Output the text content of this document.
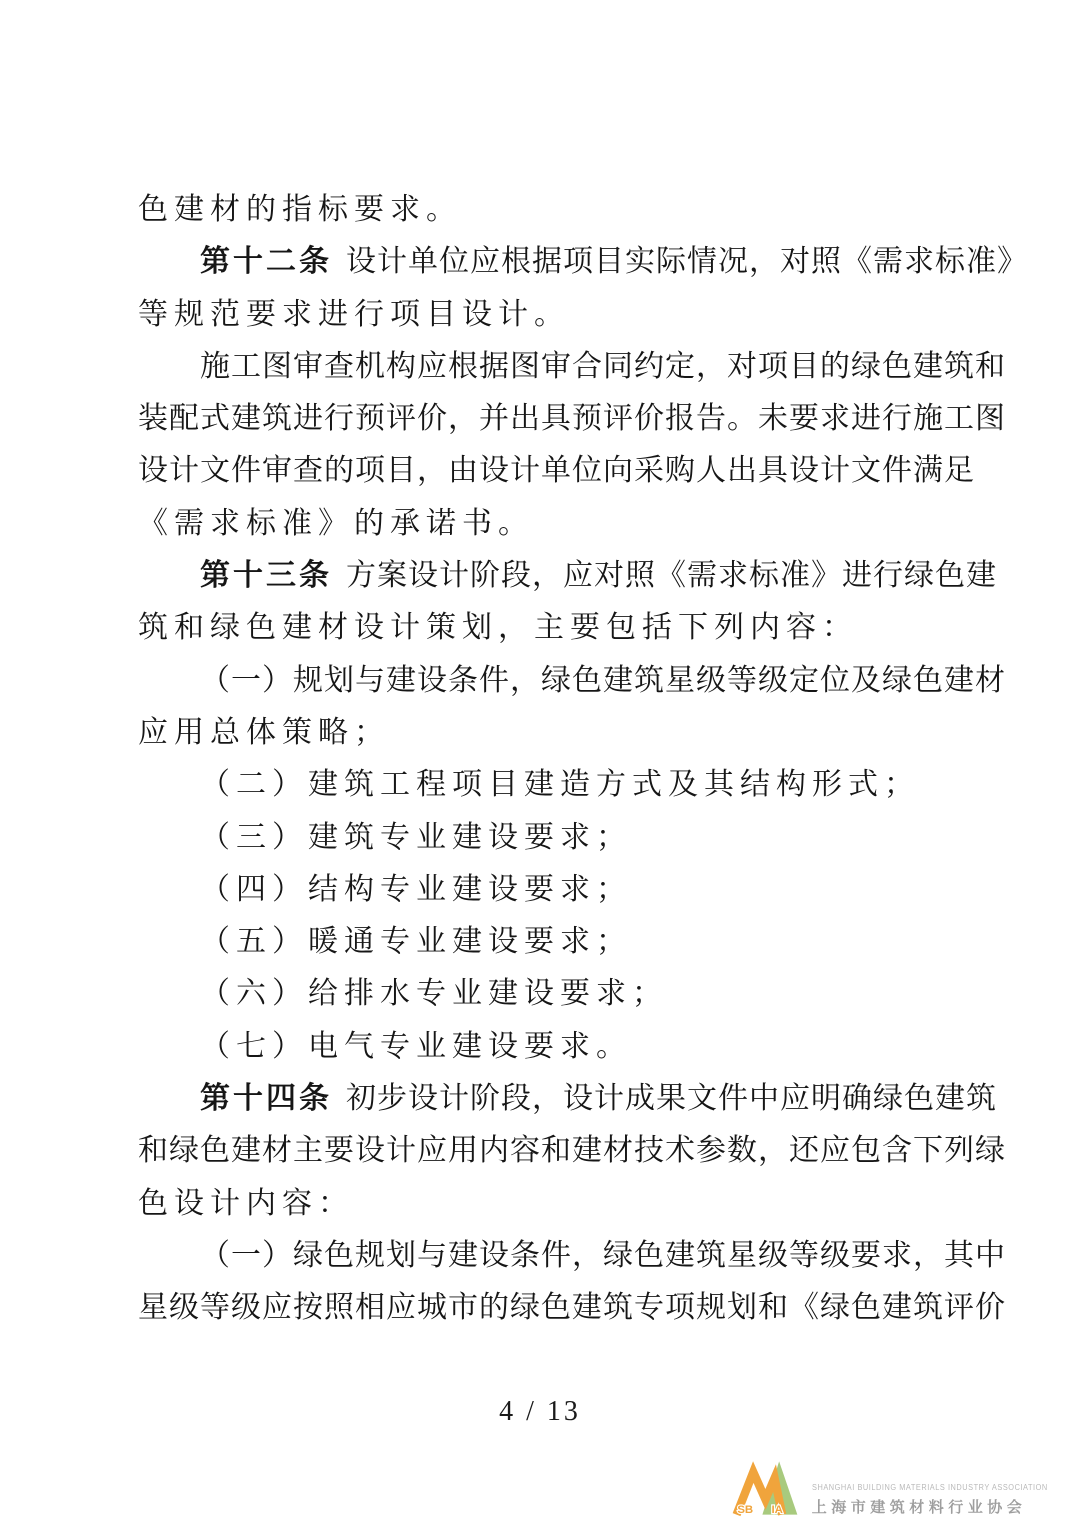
色建材的指标要求。
第十二条 设计单位应根据项目实际情况，对照《需求标准》
等规范要求进行项目设计。
施工图审查机构应根据图审合同约定，对项目的绿色建筑和
装配式建筑进行预评价，并出具预评价报告。未要求进行施工图
设计文件审查的项目，由设计单位向采购人出具设计文件满足
《需求标准》的承诺书。
第十三条 方案设计阶段，应对照《需求标准》进行绿色建
筑和绿色建材设计策划，主要包括下列内容：
（一）规划与建设条件，绿色建筑星级等级定位及绿色建材
应用总体策略；
（二）建筑工程项目建造方式及其结构形式；
（三）建筑专业建设要求；
（四）结构专业建设要求；
（五）暖通专业建设要求；
（六）给排水专业建设要求；
（七）电气专业建设要求。
第十四条 初步设计阶段，设计成果文件中应明确绿色建筑
和绿色建材主要设计应用内容和建材技术参数，还应包含下列绿
色设计内容：
（一）绿色规划与建设条件，绿色建筑星级等级要求，其中
星级等级应按照相应城市的绿色建筑专项规划和《绿色建筑评价
4 / 13
SB IA
SHANGHAI BUILDING MATERIALS INDUSTRY ASSOCIATION
上海市建筑材料行业协会
